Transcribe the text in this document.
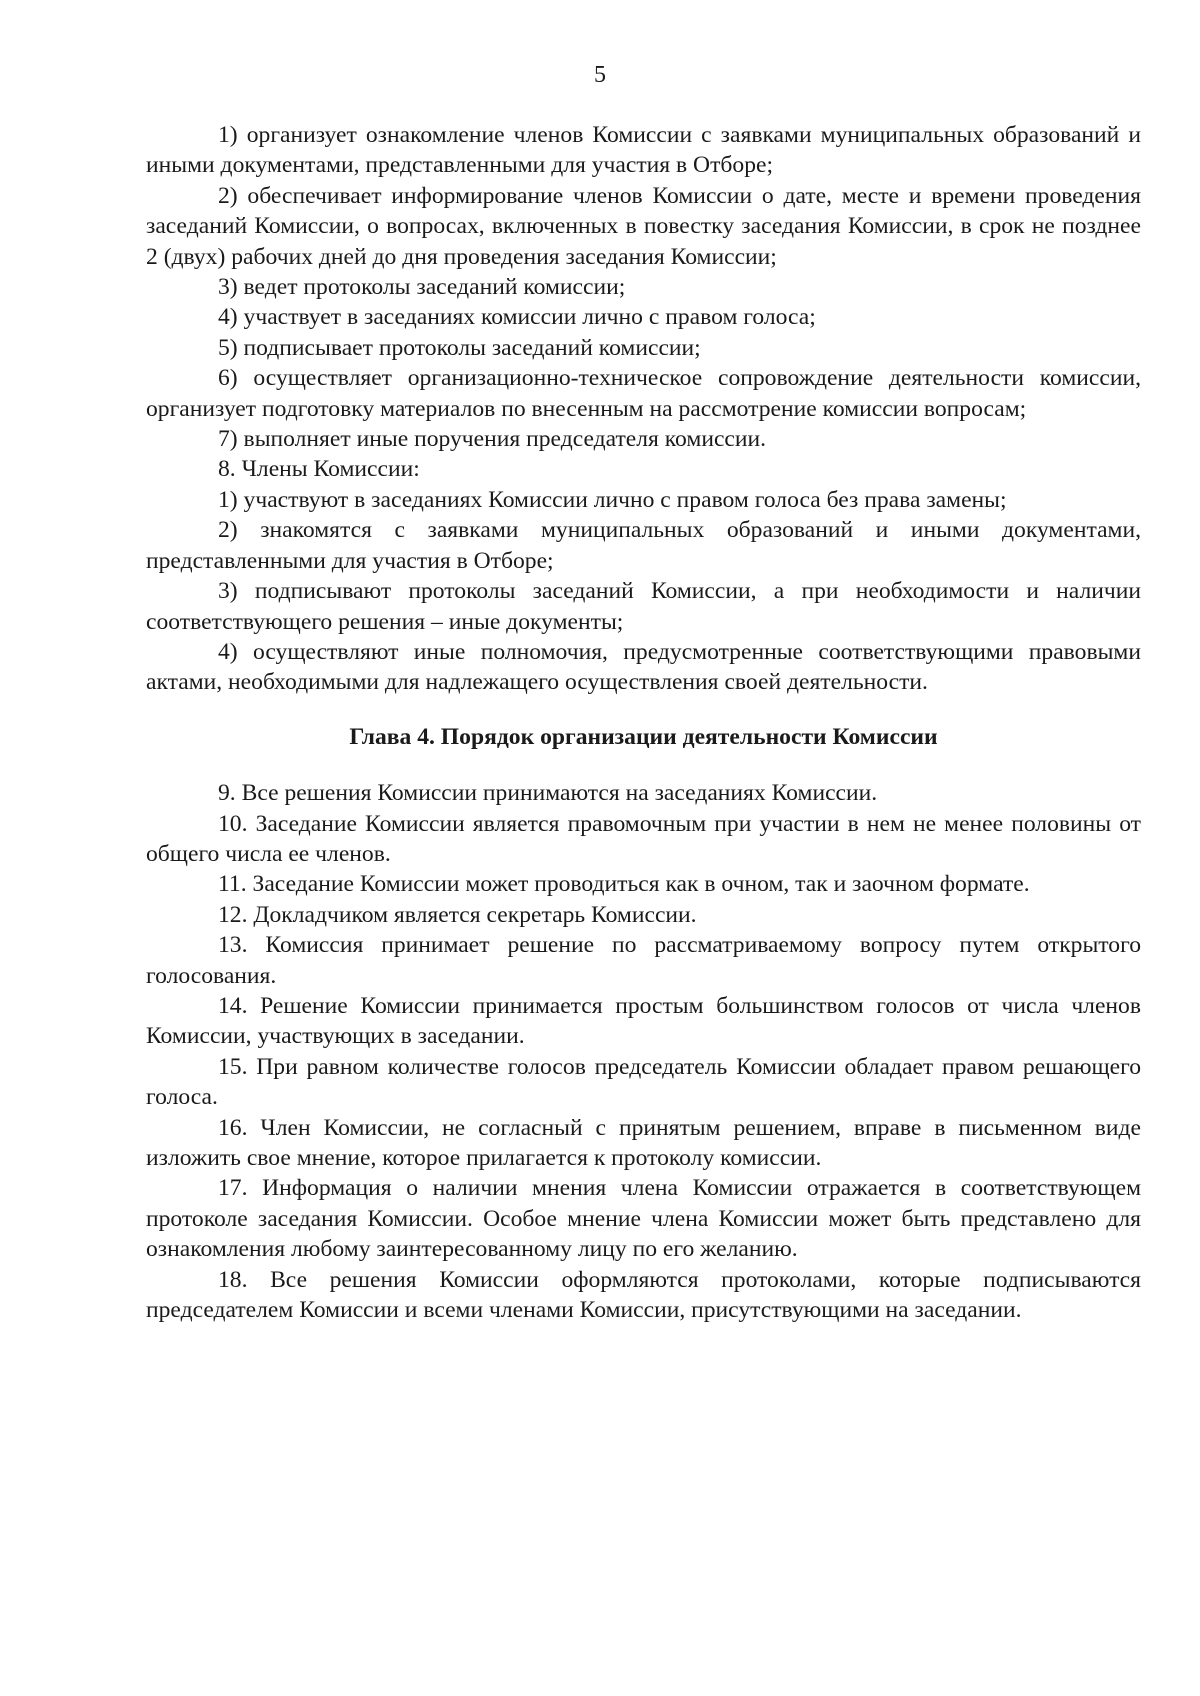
5

1) организует ознакомление членов Комиссии с заявками муниципальных образований и иными документами, представленными для участия в Отборе;

2) обеспечивает информирование членов Комиссии о дате, месте и времени проведения заседаний Комиссии, о вопросах, включенных в повестку заседания Комиссии, в срок не позднее 2 (двух) рабочих дней до дня проведения заседания Комиссии;

3) ведет протоколы заседаний комиссии;

4) участвует в заседаниях комиссии лично с правом голоса;

5) подписывает протоколы заседаний комиссии;

6) осуществляет организационно-техническое сопровождение деятельности комиссии, организует подготовку материалов по внесенным на рассмотрение комиссии вопросам;

7) выполняет иные поручения председателя комиссии.

8. Члены Комиссии:

1) участвуют в заседаниях Комиссии лично с правом голоса без права замены;

2) знакомятся с заявками муниципальных образований и иными документами, представленными для участия в Отборе;

3) подписывают протоколы заседаний Комиссии, а при необходимости и наличии соответствующего решения – иные документы;

4) осуществляют иные полномочия, предусмотренные соответствующими правовыми актами, необходимыми для надлежащего осуществления своей деятельности.

Глава 4. Порядок организации деятельности Комиссии

9. Все решения Комиссии принимаются на заседаниях Комиссии.

10. Заседание Комиссии является правомочным при участии в нем не менее половины от общего числа ее членов.

11. Заседание Комиссии может проводиться как в очном, так и заочном формате.

12. Докладчиком является секретарь Комиссии.

13. Комиссия принимает решение по рассматриваемому вопросу путем открытого голосования.

14. Решение Комиссии принимается простым большинством голосов от числа членов Комиссии, участвующих в заседании.

15. При равном количестве голосов председатель Комиссии обладает правом решающего голоса.

16. Член Комиссии, не согласный с принятым решением, вправе в письменном виде изложить свое мнение, которое прилагается к протоколу комиссии.

17. Информация о наличии мнения члена Комиссии отражается в соответствующем протоколе заседания Комиссии. Особое мнение члена Комиссии может быть представлено для ознакомления любому заинтересованному лицу по его желанию.

18. Все решения Комиссии оформляются протоколами, которые подписываются председателем Комиссии и всеми членами Комиссии, присутствующими на заседании.
